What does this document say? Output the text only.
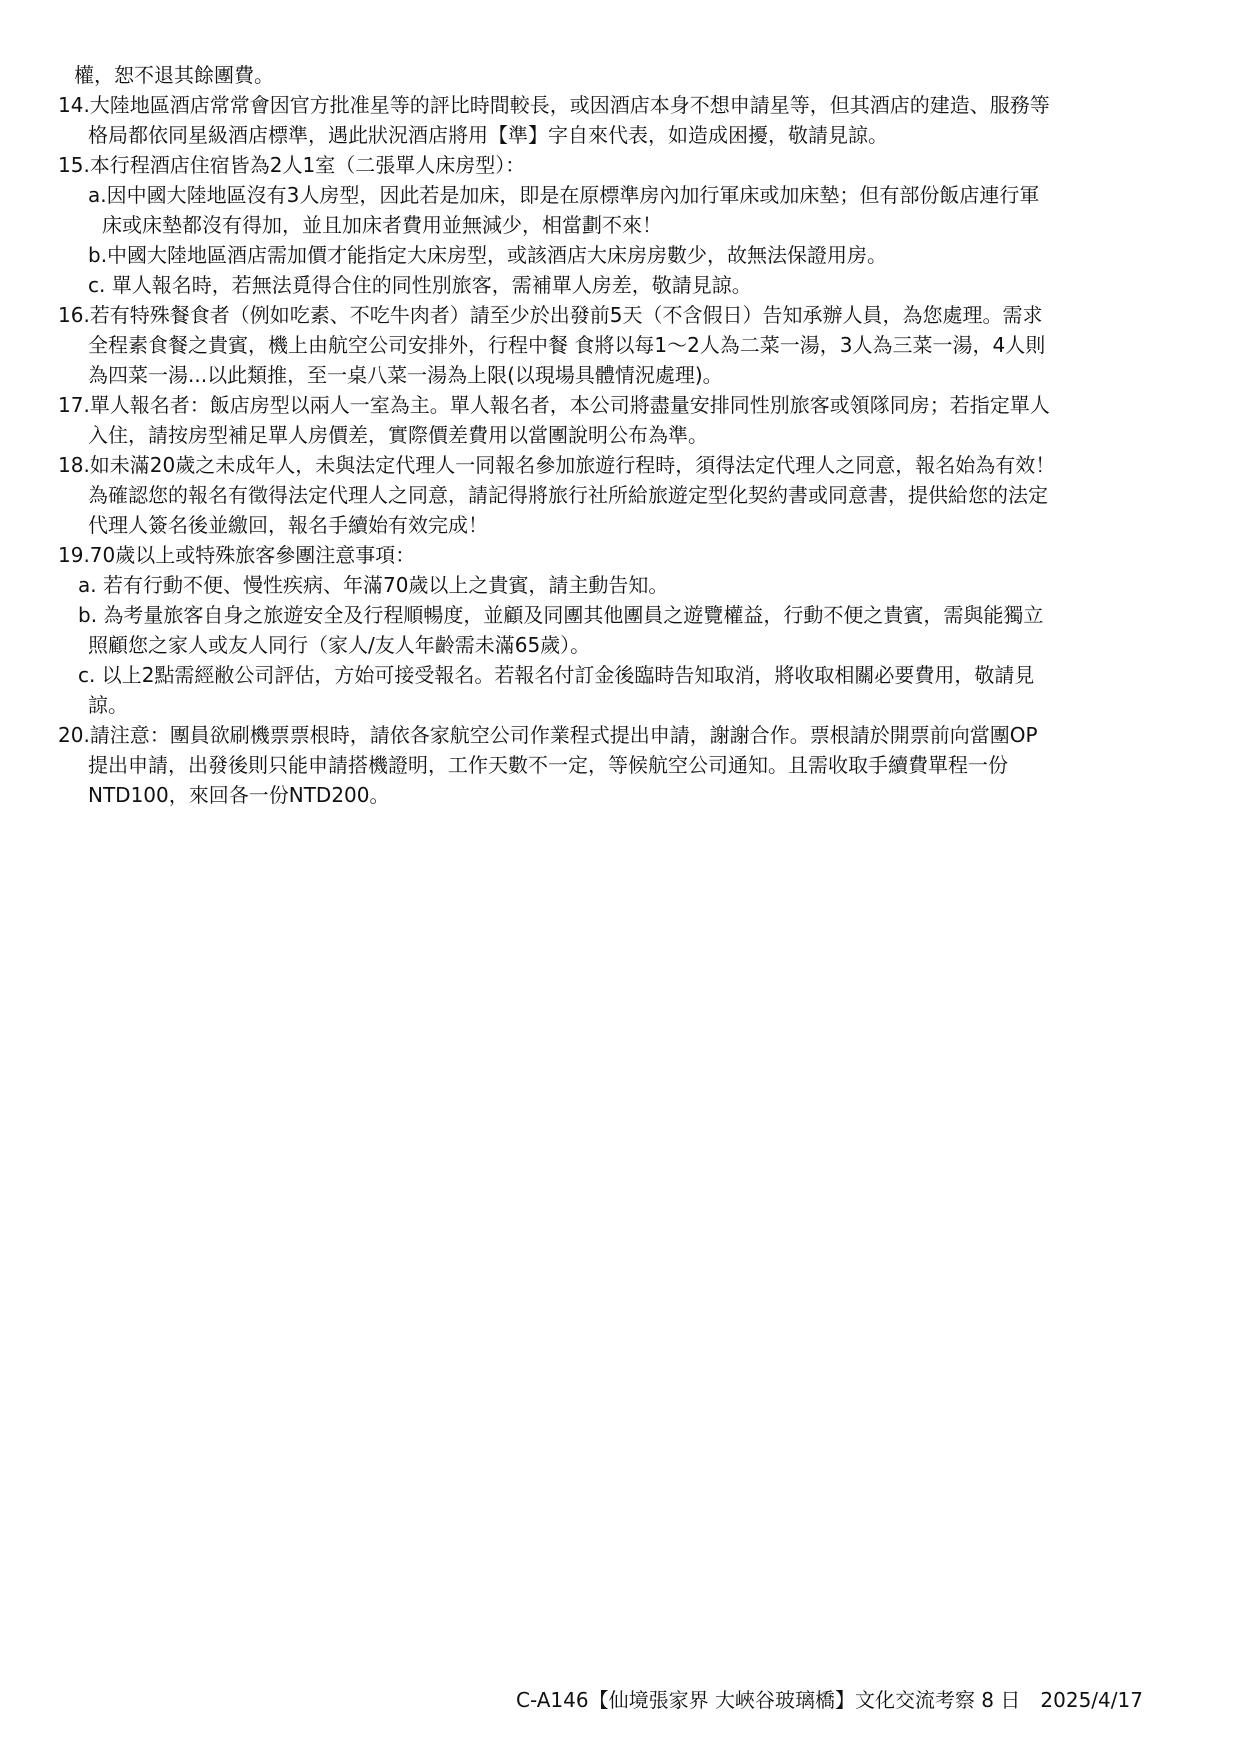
權，恕不退其餘團費。
14.大陸地區酒店常常會因官方批准星等的評比時間較長，或因酒店本身不想申請星等，但其酒店的建造、服務等
格局都依同星級酒店標準，遇此狀況酒店將用【準】字自來代表，如造成困擾，敬請見諒。
15.本行程酒店住宿皆為2人1室（二張單人床房型）：
a.因中國大陸地區沒有3人房型，因此若是加床，即是在原標準房內加行軍床或加床墊；但有部份飯店連行軍
床或床墊都沒有得加，並且加床者費用並無減少，相當劃不來！
b.中國大陸地區酒店需加價才能指定大床房型，或該酒店大床房房數少，故無法保證用房。
c. 單人報名時，若無法覓得合住的同性別旅客，需補單人房差，敬請見諒。
16.若有特殊餐食者（例如吃素、不吃牛肉者）請至少於出發前5天（不含假日）告知承辦人員，為您處理。需求
全程素食餐之貴賓，機上由航空公司安排外，行程中餐 食將以每1～2人為二菜一湯，3人為三菜一湯，4人則
為四菜一湯...以此類推，至一桌八菜一湯為上限(以現場具體情況處理)。
17.單人報名者：飯店房型以兩人一室為主。單人報名者，本公司將盡量安排同性別旅客或領隊同房；若指定單人
入住，請按房型補足單人房價差，實際價差費用以當團說明公布為準。
18.如未滿20歲之未成年人，未與法定代理人一同報名參加旅遊行程時，須得法定代理人之同意，報名始為有效！
為確認您的報名有徵得法定代理人之同意，請記得將旅行社所給旅遊定型化契約書或同意書，提供給您的法定
代理人簽名後並繳回，報名手續始有效完成！
19.70歲以上或特殊旅客參團注意事項：
a. 若有行動不便、慢性疾病、年滿70歲以上之貴賓，請主動告知。
b. 為考量旅客自身之旅遊安全及行程順暢度，並顧及同團其他團員之遊覽權益，行動不便之貴賓，需與能獨立
照顧您之家人或友人同行（家人/友人年齡需未滿65歲）。
c. 以上2點需經敝公司評估，方始可接受報名。若報名付訂金後臨時告知取消，將收取相關必要費用，敬請見
諒。
20.請注意：團員欲刷機票票根時，請依各家航空公司作業程式提出申請，謝謝合作。票根請於開票前向當團OP
提出申請，出發後則只能申請搭機證明，工作天數不一定，等候航空公司通知。且需收取手續費單程一份
NTD100，來回各一份NTD200。
C-A146【仙境張家界 大峽谷玻璃橋】文化交流考察 8 日　2025/4/17
